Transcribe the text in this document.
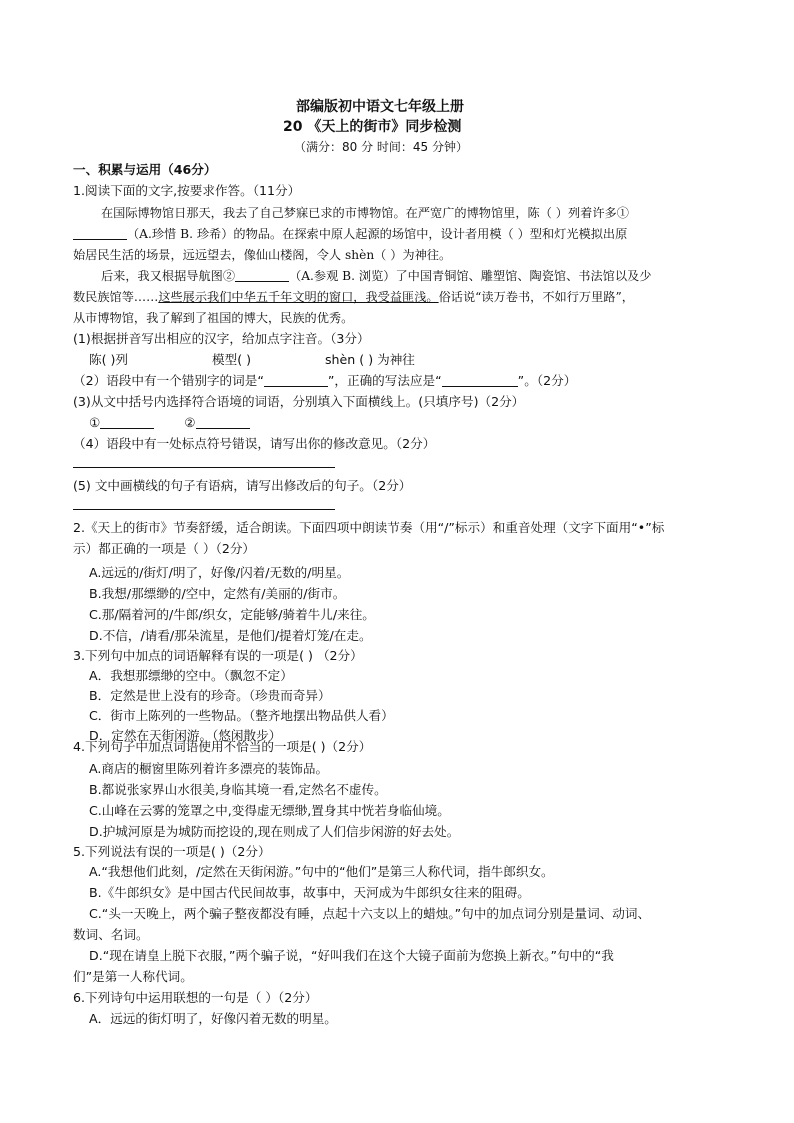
部编版初中语文七年级上册
20 《天上的街市》同步检测
（满分：80 分 时间：45 分钟）
一、积累与运用（46分）
1.阅读下面的文字,按要求作答。（11分）
在国际博物馆日那天，我去了自己梦寐已求的市博物馆。在严宽广的博物馆里，陈（ ）列着许多①
（A.珍惜 B. 珍希）的物品。在探索中原人起源的场馆中，设计者用模（ ）型和灯光模拟出原
始居民生活的场景，远远望去，像仙山楼阁，令人 shèn（ ）为神往。
后来，我又根据导航图②	（A.参观 B. 浏览）了中国青铜馆、雕塑馆、陶瓷馆、书法馆以及少
数民族馆等……这些展示我们中华五千年文明的窗口，我受益匪浅。俗话说“读万卷书，不如行万里路”，
从市博物馆，我了解到了祖国的博大，民族的优秀。
(1)根据拼音写出相应的汉字，给加点字注音。（3分）
陈( )列	模型( )	shèn ( ) 为神往
（2）语段中有一个错别字的词是“	”，正确的写法应是“	”。（2分）
(3)从文中括号内选择符合语境的词语，分别填入下面横线上。(只填序号)（2分）
①	②
（4）语段中有一处标点符号错误，请写出你的修改意见。（2分）
(5) 文中画横线的句子有语病，请写出修改后的句子。（2分）
2.《天上的街市》节奏舒缓，适合朗读。下面四项中朗读节奏（用“/”标示）和重音处理（文字下面用“•”标
示）都正确的一项是（ ）（2分）
A.远远的/街灯/明了，好像/闪着/无数的/明星。
B.我想/那缥缈的/空中，定然有/美丽的/街市。
C.那/隔着河的/牛郎/织女，定能够/骑着牛儿/来往。
D.不信，/请看/那朵流星，是他们/提着灯笼/在走。
3.下列句中加点的词语解释有误的一项是( ) （2分）
A．我想那缥缈的空中。（飘忽不定）
B．定然是世上没有的珍奇。（珍贵而奇异）
C．街市上陈列的一些物品。（整齐地摆出物品供人看）
D．定然在天街闲游。（悠闲散步）
4.下列句子中加点词语使用不恰当的一项是( )（2分）
A.商店的橱窗里陈列着许多漂亮的装饰品。
B.都说张家界山水很美,身临其境一看,定然名不虚传。
C.山峰在云雾的笼罩之中,变得虚无缥缈,置身其中恍若身临仙境。
D.护城河原是为城防而挖设的,现在则成了人们信步闲游的好去处。
5.下列说法有误的一项是( )（2分）
A.“我想他们此刻，/定然在天街闲游。”句中的“他们”是第三人称代词，指牛郎织女。
B.《牛郎织女》是中国古代民间故事，故事中，天河成为牛郎织女往来的阻碍。
C.“头一天晚上，两个骗子整夜都没有睡，点起十六支以上的蜡烛。”句中的加点词分别是量词、动词、
数词、名词。
D.“现在请皇上脱下衣服，”两个骗子说，“好叫我们在这个大镜子面前为您换上新衣。”句中的“我
们”是第一人称代词。
6.下列诗句中运用联想的一句是（ ）（2分）
A．远远的街灯明了，好像闪着无数的明星。
